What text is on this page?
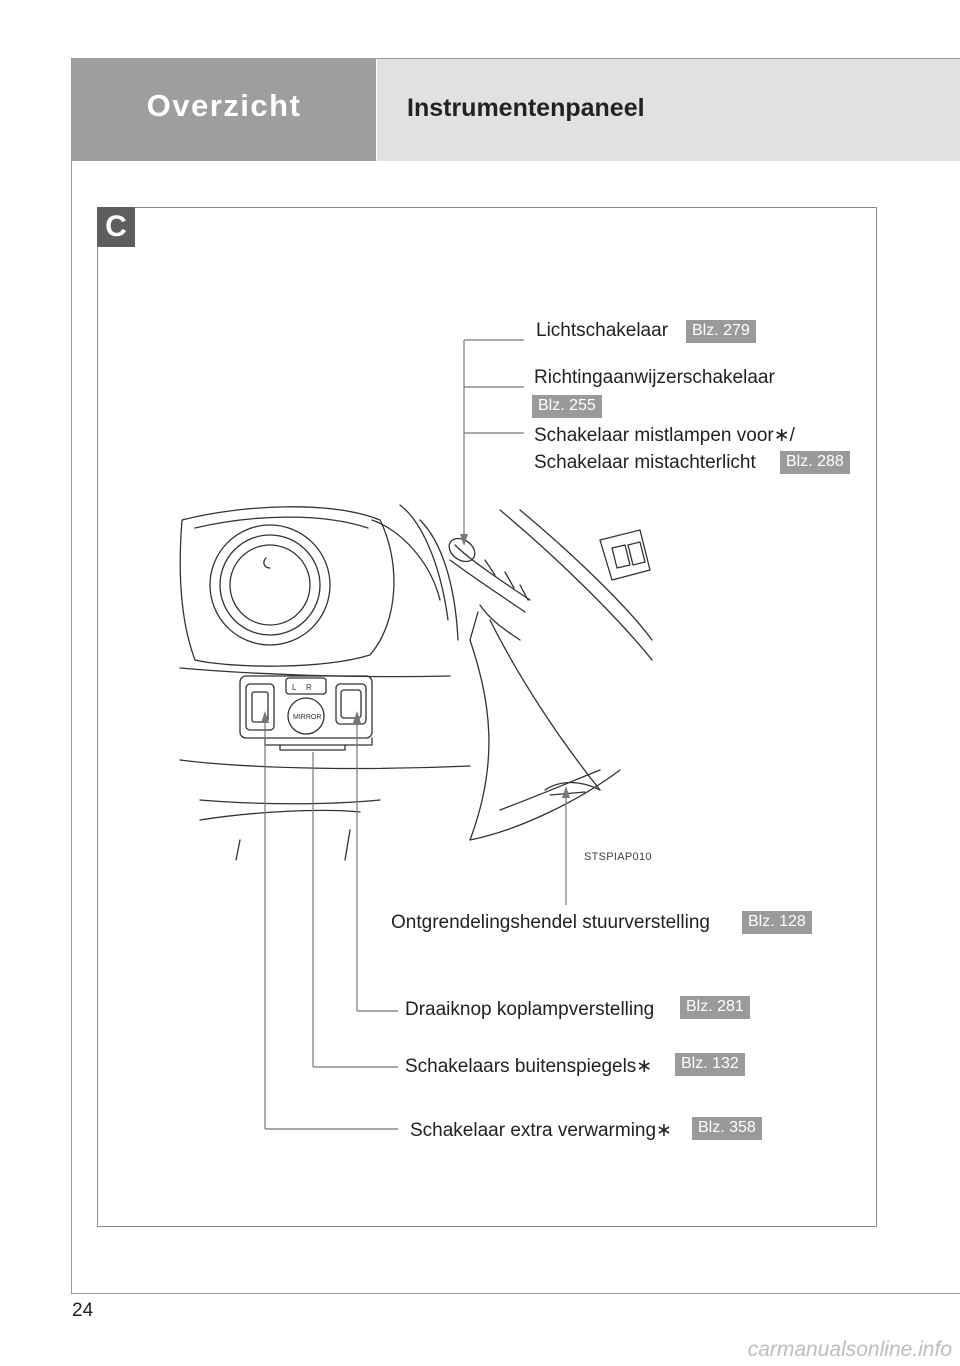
Overzicht	Instrumentenpaneel
C
L R
MIRROR
STSPIAP010
Lichtschakelaar	Blz. 279
Richtingaanwijzerschakelaar
Blz. 255
Schakelaar mistlampen voor∗/
Schakelaar mistachterlicht	Blz. 288
Ontgrendelingshendel stuurverstelling	Blz. 128
Draaiknop koplampverstelling	Blz. 281
Schakelaars buitenspiegels∗	Blz. 132
Schakelaar extra verwarming∗	Blz. 358
24
carmanualsonline.info
